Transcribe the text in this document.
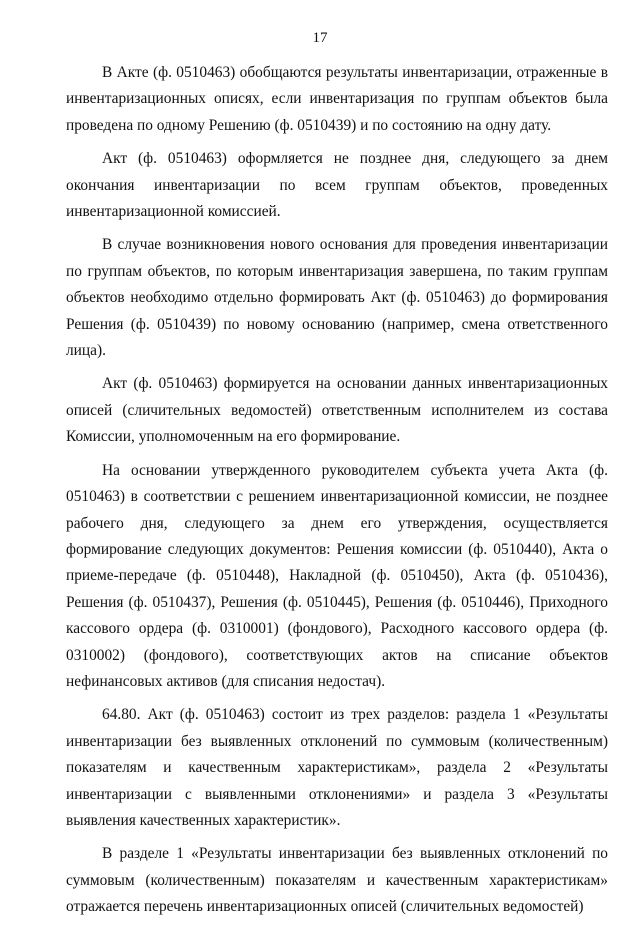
17

В Акте (ф. 0510463) обобщаются результаты инвентаризации, отраженные в инвентаризационных описях, если инвентаризация по группам объектов была проведена по одному Решению (ф. 0510439) и по состоянию на одну дату.

Акт (ф. 0510463) оформляется не позднее дня, следующего за днем окончания инвентаризации по всем группам объектов, проведенных инвентаризационной комиссией.

В случае возникновения нового основания для проведения инвентаризации по группам объектов, по которым инвентаризация завершена, по таким группам объектов необходимо отдельно формировать Акт (ф. 0510463) до формирования Решения (ф. 0510439) по новому основанию (например, смена ответственного лица).

Акт (ф. 0510463) формируется на основании данных инвентаризационных описей (сличительных ведомостей) ответственным исполнителем из состава Комиссии, уполномоченным на его формирование.

На основании утвержденного руководителем субъекта учета Акта (ф. 0510463) в соответствии с решением инвентаризационной комиссии, не позднее рабочего дня, следующего за днем его утверждения, осуществляется формирование следующих документов: Решения комиссии (ф. 0510440), Акта о приеме-передаче (ф. 0510448), Накладной (ф. 0510450), Акта (ф. 0510436), Решения (ф. 0510437), Решения (ф. 0510445), Решения (ф. 0510446), Приходного кассового ордера (ф. 0310001) (фондового), Расходного кассового ордера (ф. 0310002) (фондового), соответствующих актов на списание объектов нефинансовых активов (для списания недостач).

64.80. Акт (ф. 0510463) состоит из трех разделов: раздела 1 «Результаты инвентаризации без выявленных отклонений по суммовым (количественным) показателям и качественным характеристикам», раздела 2 «Результаты инвентаризации с выявленными отклонениями» и раздела 3 «Результаты выявления качественных характеристик».

В разделе 1 «Результаты инвентаризации без выявленных отклонений по суммовым (количественным) показателям и качественным характеристикам» отражается перечень инвентаризационных описей (сличительных ведомостей)
